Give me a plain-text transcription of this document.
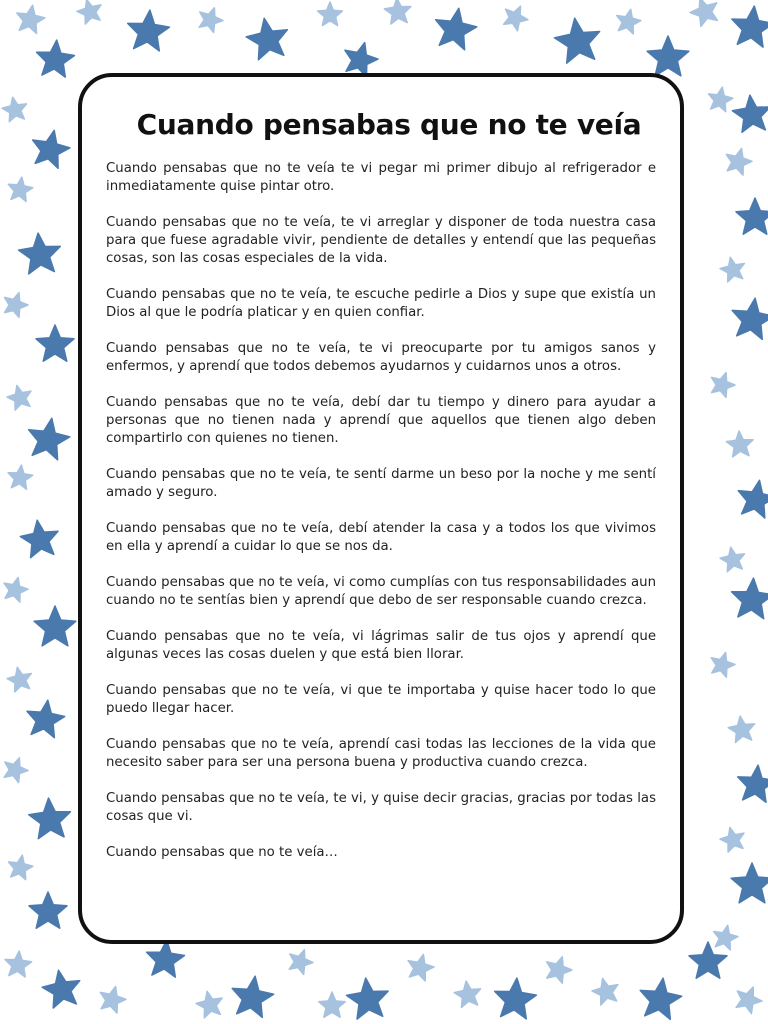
Cuando pensabas que no te veía

Cuando pensabas que no te veía te vi pegar mi primer dibujo al refrigerador e inmediatamente quise pintar otro.

Cuando pensabas que no te veía, te vi arreglar y disponer de toda nuestra casa para que fuese agradable vivir, pendiente de detalles y entendí que las pequeñas cosas, son las cosas especiales de la vida.

Cuando pensabas que no te veía, te escuche pedirle a Dios y supe que existía un Dios al que le podría platicar y en quien confiar.

Cuando pensabas que no te veía, te vi preocuparte por tu amigos sanos y enfermos, y aprendí que todos debemos ayudarnos y cuidarnos unos a otros.

Cuando pensabas que no te veía, debí dar tu tiempo y dinero para ayudar a personas que no tienen nada y aprendí que aquellos que tienen algo deben compartirlo con quienes no tienen.

Cuando pensabas que no te veía, te sentí darme un beso por la noche y me sentí amado y seguro.

Cuando pensabas que no te veía, debí atender la casa y a todos los que vivimos en ella y aprendí a cuidar lo que se nos da.

Cuando pensabas que no te veía, vi como cumplías con tus responsabilidades aun cuando no te sentías bien y aprendí que debo de ser responsable cuando crezca.

Cuando pensabas que no te veía, vi lágrimas salir de tus ojos y aprendí que algunas veces las cosas duelen y que está bien llorar.

Cuando pensabas que no te veía, vi que te importaba y quise hacer todo lo que puedo llegar hacer.

Cuando pensabas que no te veía, aprendí casi todas las lecciones de la vida que necesito saber para ser una persona buena y productiva cuando crezca.

Cuando pensabas que no te veía, te vi, y quise decir gracias, gracias por todas las cosas que vi.

Cuando pensabas que no te veía…
